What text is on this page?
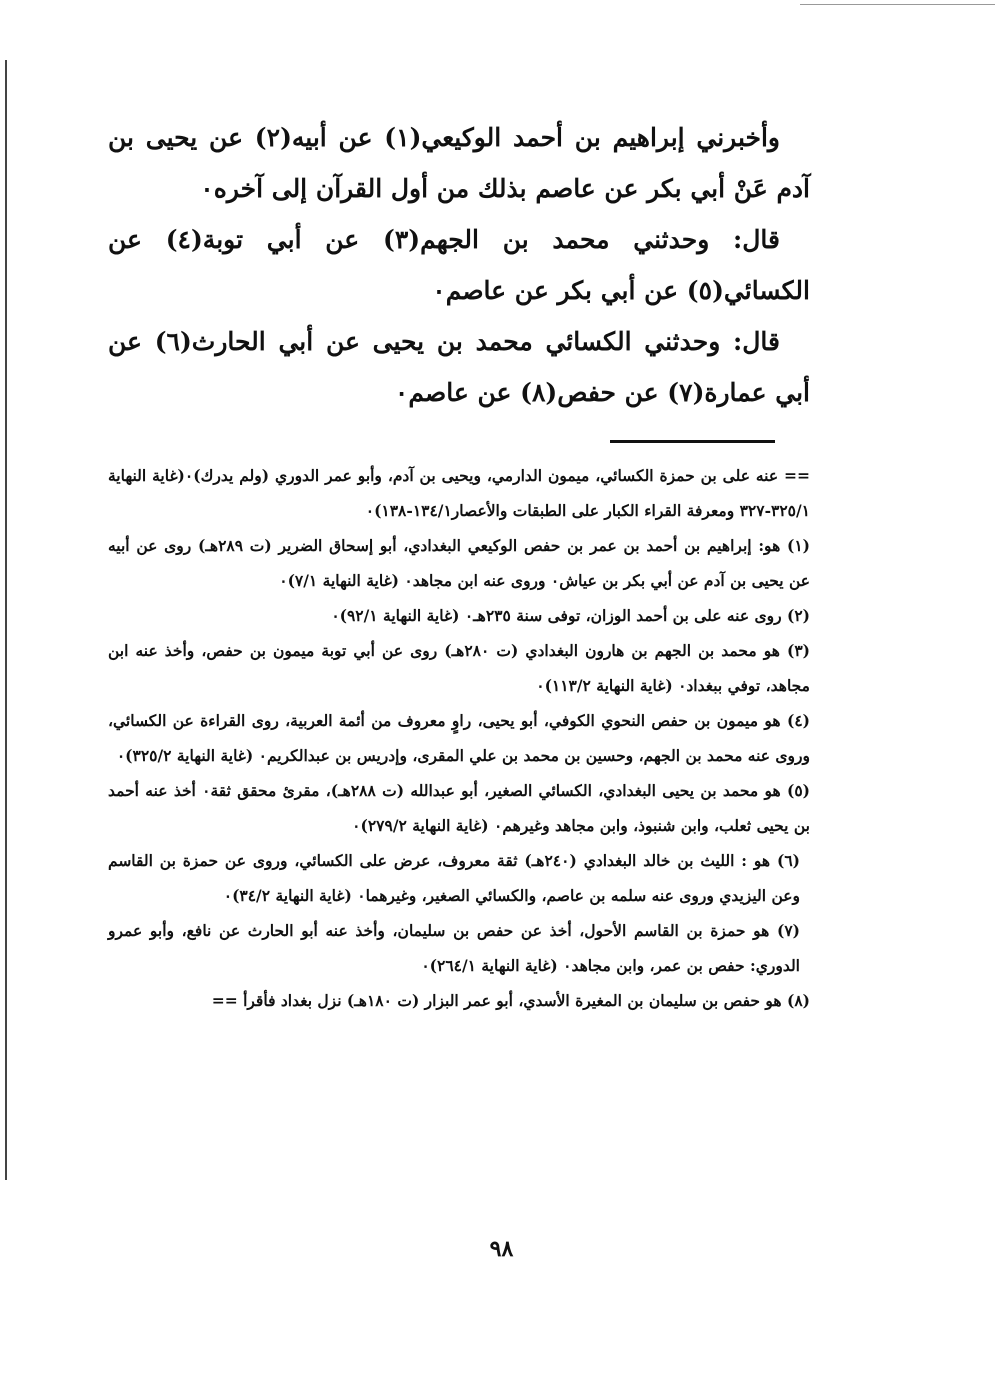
وأخبرني إبراهيم بن أحمد الوكيعي(١) عن أبيه(٢) عن يحيى بن آدم عَنْ أبي بكر عن عاصم بذلك من أول القرآن إلى آخره٠

قال: وحدثني محمد بن الجهم(٣) عن أبي توبة(٤) عن الكسائي(٥) عن أبي بكر عن عاصم٠

قال: وحدثني الكسائي محمد بن يحيى عن أبي الحارث(٦) عن أبي عمارة(٧) عن حفص(٨) عن عاصم٠

== عنه على بن حمزة الكسائي، ميمون الدارمي، ويحيى بن آدم، وأبو عمر الدوري (ولم يدرك)٠(غاية النهاية ٣٢٥/١-٣٢٧ ومعرفة القراء الكبار على الطبقات والأعصار١٣٤/١-١٣٨)٠

(١) هو: إبراهيم بن أحمد بن عمر بن حفص الوكيعي البغدادي، أبو إسحاق الضرير (ت ٢٨٩هـ) روى عن أبيه عن يحيى بن آدم عن أبي بكر بن عياش٠ وروى عنه ابن مجاهد٠ (غاية النهاية ٧/١)٠

(٢) روى عنه على بن أحمد الوزان، توفى سنة ٢٣٥هـ٠ (غاية النهاية ٩٢/١)٠

(٣) هو محمد بن الجهم بن هارون البغدادي (ت ٢٨٠هـ) روى عن أبي توبة ميمون بن حفص، وأخذ عنه ابن مجاهد، توفي ببغداد٠ (غاية النهاية ١١٣/٢)٠

(٤) هو ميمون بن حفص النحوي الكوفي، أبو يحيى، راوٍ معروف من أئمة العربية، روى القراءة عن الكسائي، وروى عنه محمد بن الجهم، وحسين بن محمد بن علي المقرى، وإدريس بن عبدالكريم٠ (غاية النهاية ٣٢٥/٢)٠

(٥) هو محمد بن يحيى البغدادي، الكسائي الصغير، أبو عبدالله (ت ٢٨٨هـ)، مقرئ محقق ثقة٠ أخذ عنه أحمد بن يحيى ثعلب، وابن شنبوذ، وابن مجاهد وغيرهم٠ (غاية النهاية ٢٧٩/٢)٠

(٦) هو : الليث بن خالد البغدادي (٢٤٠هـ) ثقة معروف، عرض على الكسائي، وروى عن حمزة بن القاسم وعن اليزيدي وروى عنه سلمه بن عاصم، والكسائي الصغير، وغيرهما٠ (غاية النهاية ٣٤/٢)٠

(٧) هو حمزة بن القاسم الأحول، أخذ عن حفص بن سليمان، وأخذ عنه أبو الحارث عن نافع، وأبو عمرو الدوري: حفص بن عمر، وابن مجاهد٠ (غاية النهاية ٢٦٤/١)٠

(٨) هو حفص بن سليمان بن المغيرة الأسدي، أبو عمر البزار (ت ١٨٠هـ) نزل بغداد فأقرأ ==

٩٨
